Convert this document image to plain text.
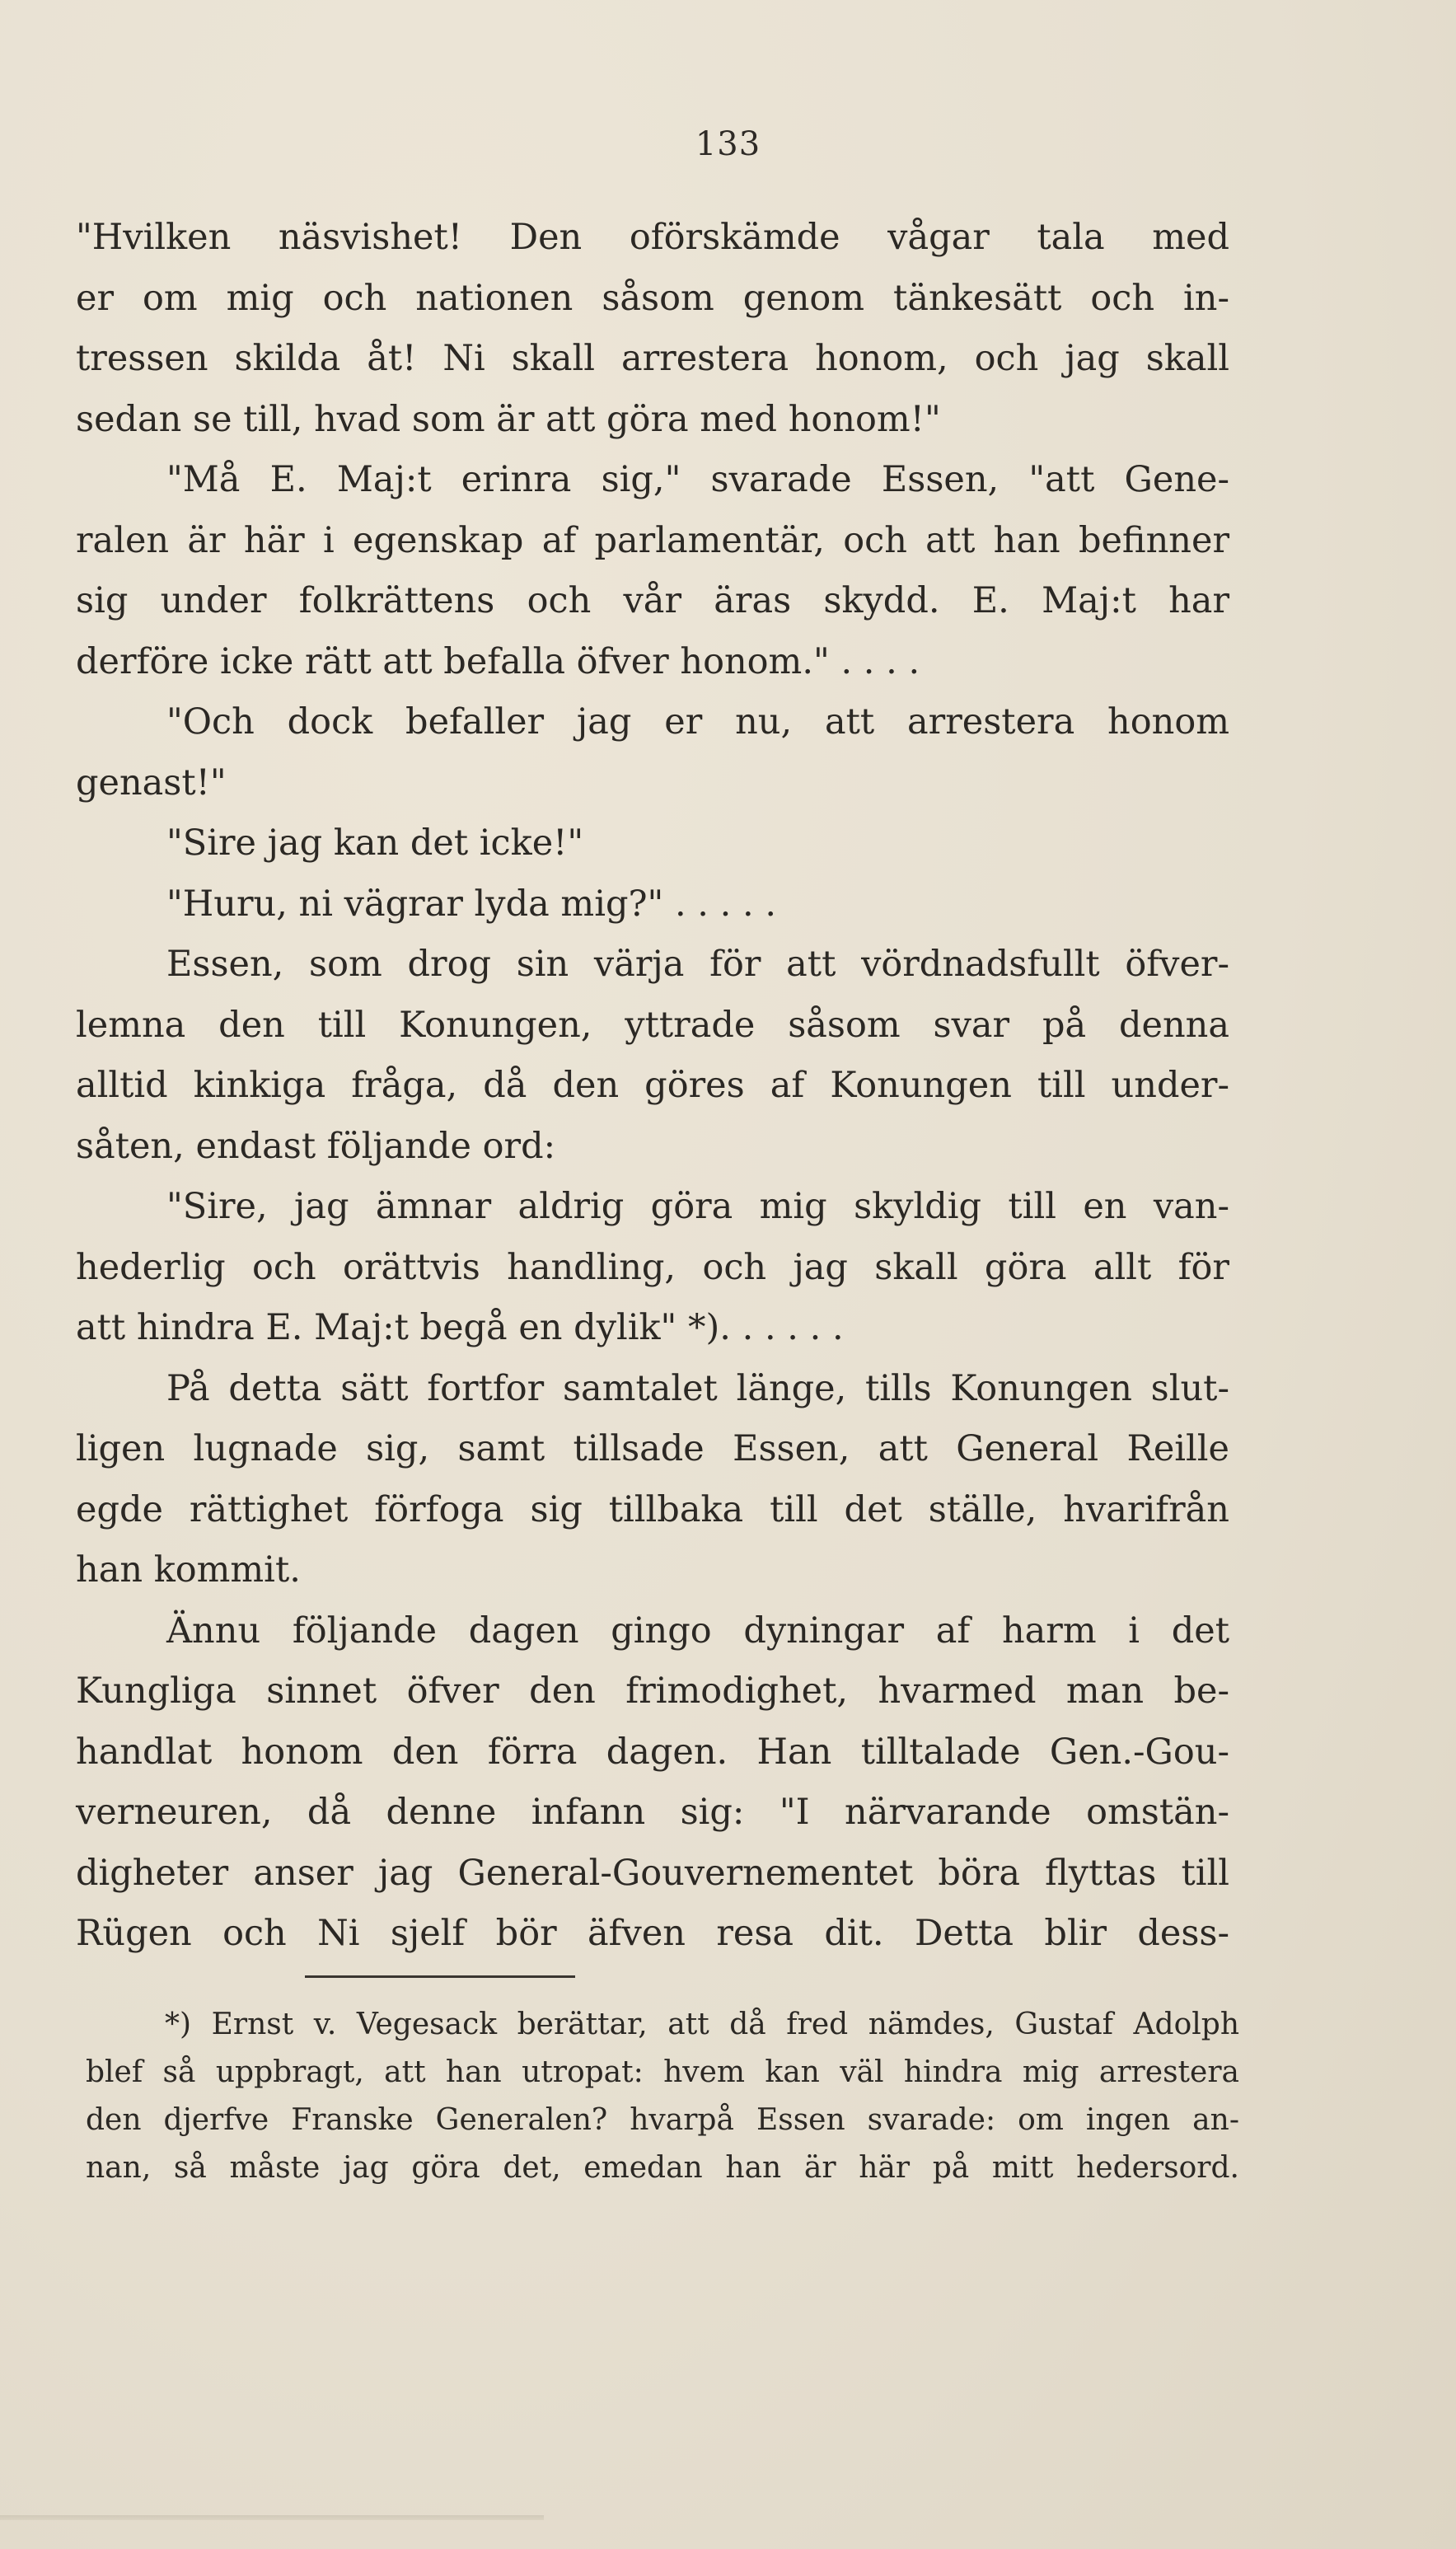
133
"Hvilken näsvishet! Den oförskämde vågar tala med
er om mig och nationen såsom genom tänkesätt och in-
tressen skilda åt! Ni skall arrestera honom, och jag skall
sedan se till, hvad som är att göra med honom!"
"Må E. Maj:t erinra sig," svarade Essen, "att Gene-
ralen är här i egenskap af parlamentär, och att han befinner
sig under folkrättens och vår äras skydd. E. Maj:t har
derföre icke rätt att befalla öfver honom." . . . .
"Och dock befaller jag er nu, att arrestera honom
genast!"
"Sire jag kan det icke!"
"Huru, ni vägrar lyda mig?" . . . . .
Essen, som drog sin värja för att vördnadsfullt öfver-
lemna den till Konungen, yttrade såsom svar på denna
alltid kinkiga fråga, då den göres af Konungen till under-
såten, endast följande ord:
"Sire, jag ämnar aldrig göra mig skyldig till en van-
hederlig och orättvis handling, och jag skall göra allt för
att hindra E. Maj:t begå en dylik" *). . . . . .
På detta sätt fortfor samtalet länge, tills Konungen slut-
ligen lugnade sig, samt tillsade Essen, att General Reille
egde rättighet förfoga sig tillbaka till det ställe, hvarifrån
han kommit.
Ännu följande dagen gingo dyningar af harm i det
Kungliga sinnet öfver den frimodighet, hvarmed man be-
handlat honom den förra dagen. Han tilltalade Gen.-Gou-
verneuren, då denne infann sig: "I närvarande omstän-
digheter anser jag General-Gouvernementet böra flyttas till
Rügen och Ni sjelf bör äfven resa dit. Detta blir dess-
*) Ernst v. Vegesack berättar, att då fred nämdes, Gustaf Adolph
blef så uppbragt, att han utropat: hvem kan väl hindra mig arrestera
den djerfve Franske Generalen? hvarpå Essen svarade: om ingen an-
nan, så måste jag göra det, emedan han är här på mitt hedersord.
